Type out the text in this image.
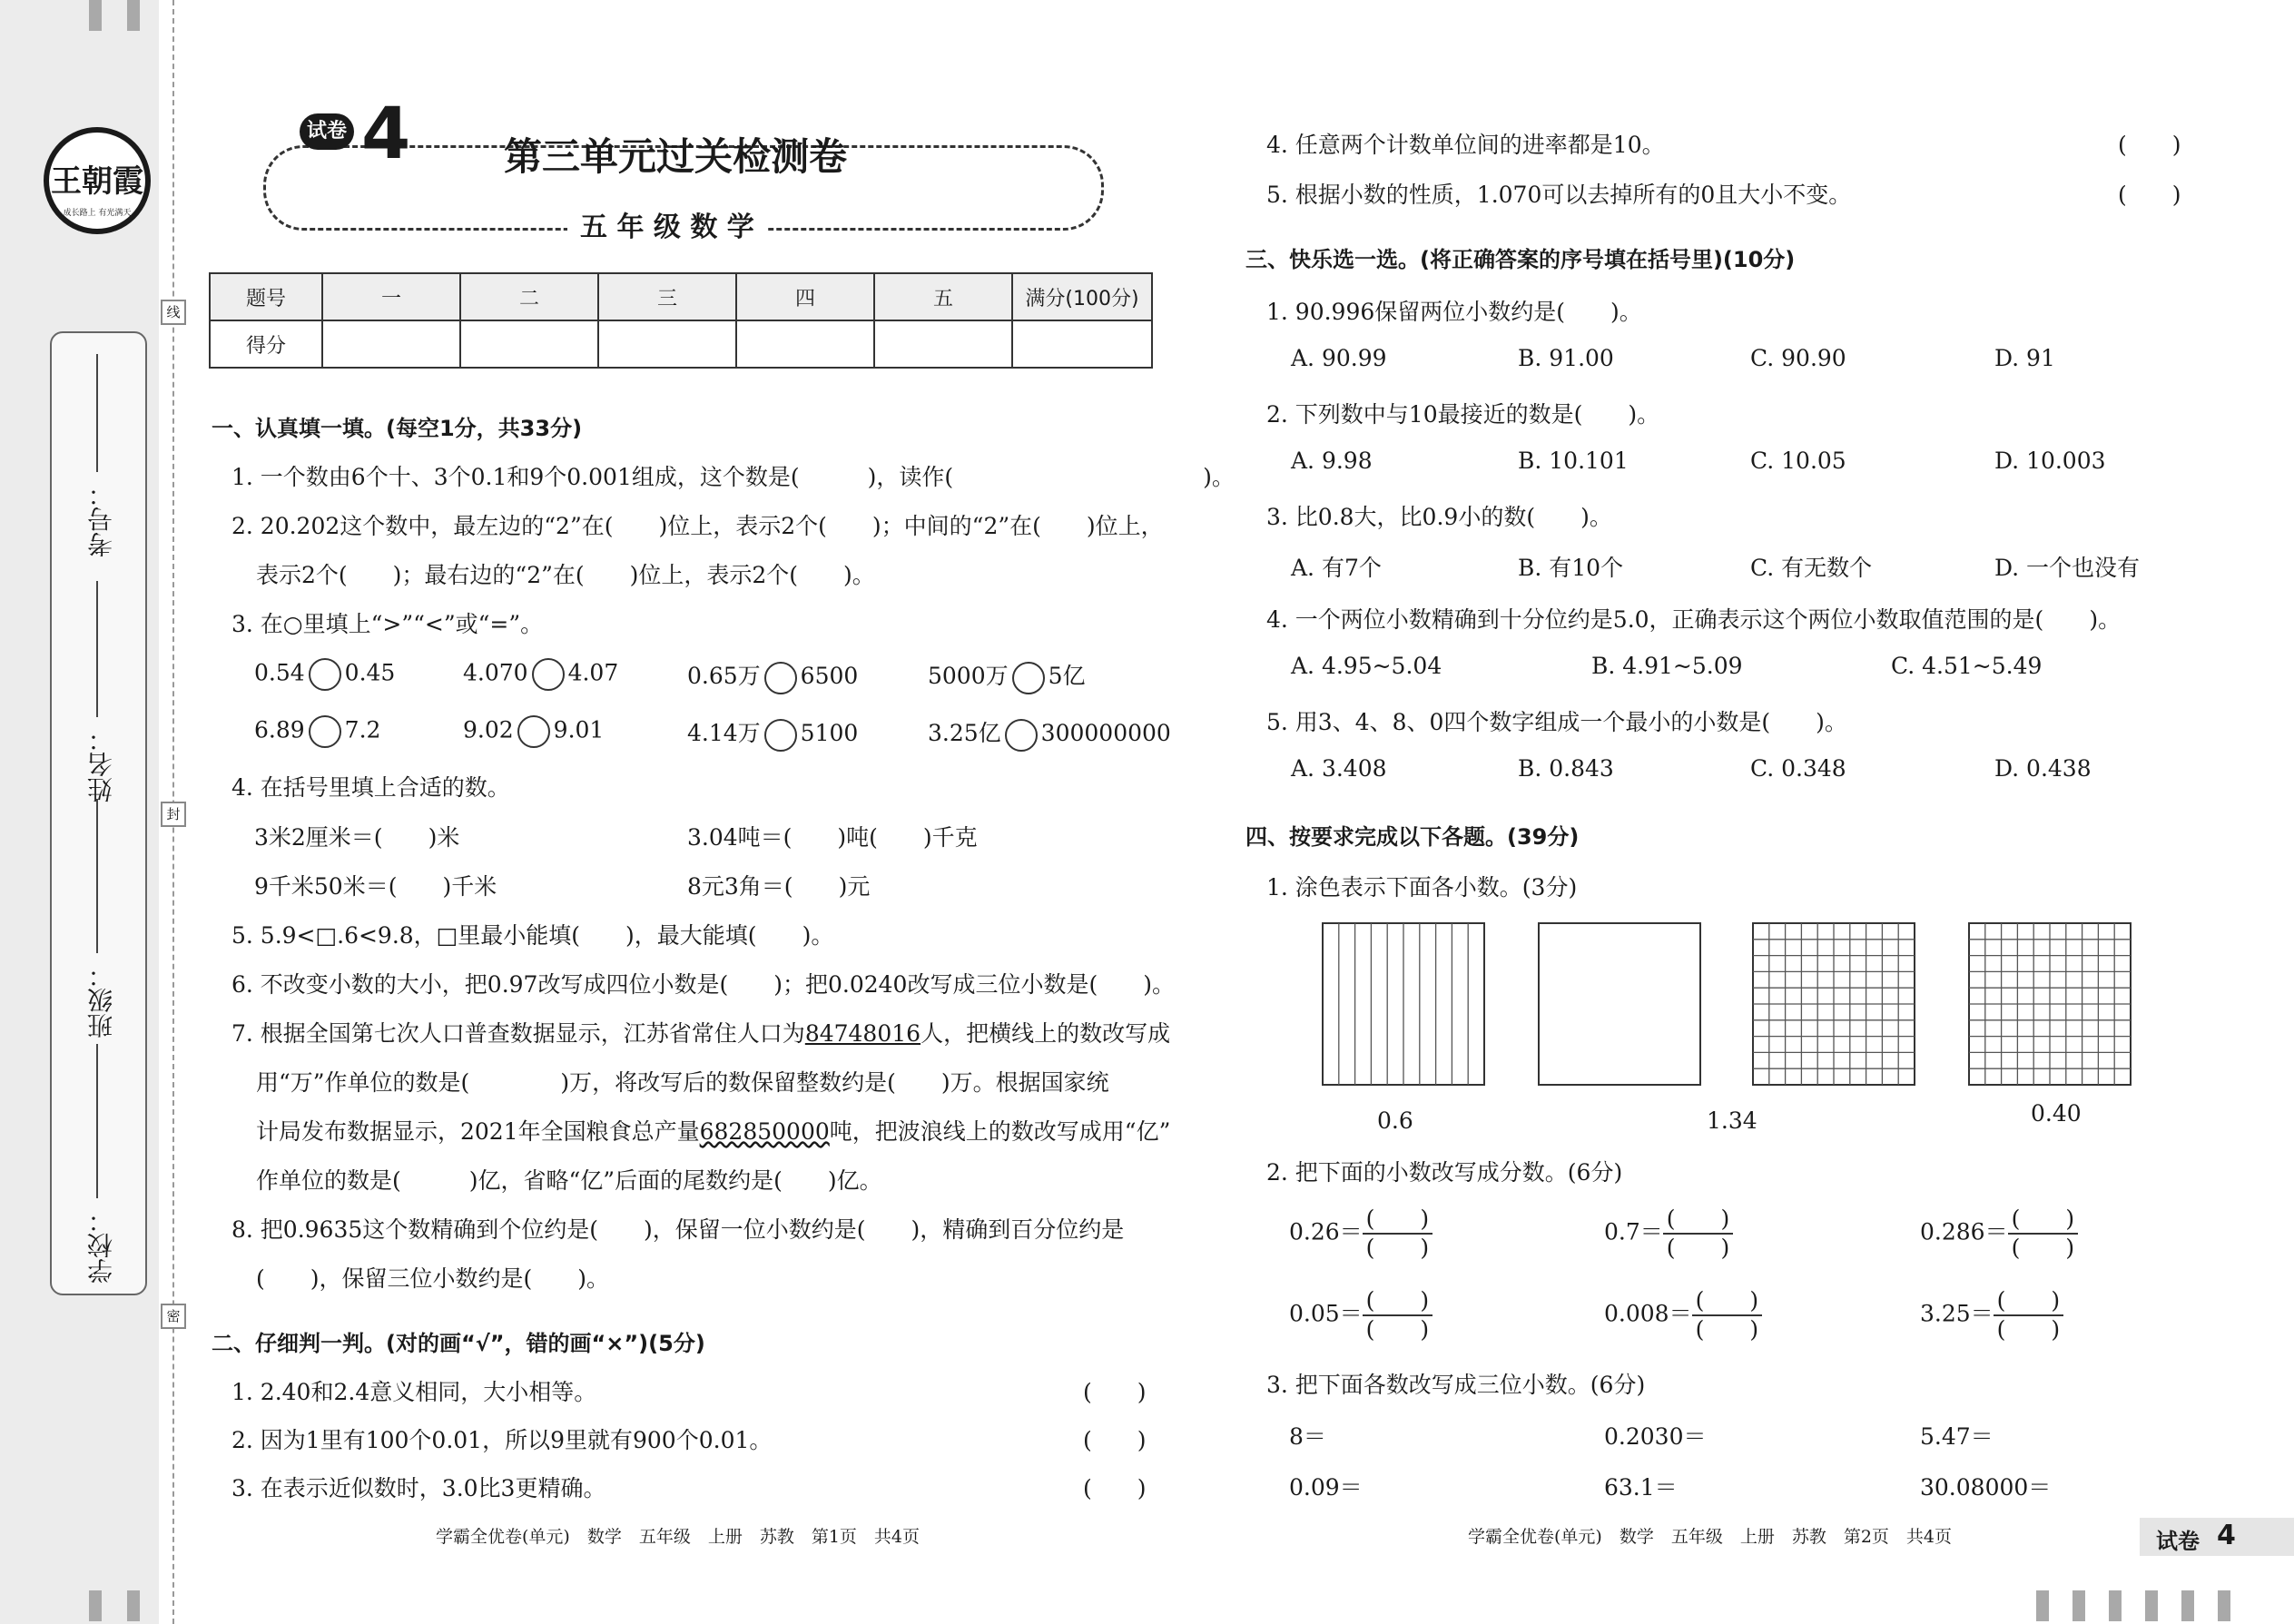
王朝霞
成长路上 有光满天
考号：
姓名：
班级：
学校：
线
封
密
试卷 4 第三单元过关检测卷
五 年 级 数 学
题号	一	二	三	四	五	满分(100分)
得分						
一、认真填一填。(每空1分，共33分)
1. 一个数由6个十、3个0.1和9个0.001组成，这个数是(　　　)，读作(　　　　　　　　　　　)。
2. 20.202这个数中，最左边的“2”在(　　)位上，表示2个(　　)；中间的“2”在(　　)位上，
表示2个(　　)；最右边的“2”在(　　)位上，表示2个(　　)。
3. 在○里填上“>”“<”或“=”。
0.54 0.45	4.070 4.07	0.65万 6500	5000万 5亿
6.89 7.2	9.02 9.01	4.14万 5100	3.25亿 300000000
4. 在括号里填上合适的数。
3米2厘米＝(　　)米	3.04吨＝(　　)吨(　　)千克
9千米50米＝(　　)千米	8元3角＝(　　)元
5. 5.9<□.6<9.8，□里最小能填(　　)，最大能填(　　)。
6. 不改变小数的大小，把0.97改写成四位小数是(　　)；把0.0240改写成三位小数是(　　)。
7. 根据全国第七次人口普查数据显示，江苏省常住人口为84748016人，把横线上的数改写成
用“万”作单位的数是(　　　　)万，将改写后的数保留整数约是(　　)万。根据国家统
计局发布数据显示，2021年全国粮食总产量682850000吨，把波浪线上的数改写成用“亿”
作单位的数是(　　　)亿，省略“亿”后面的尾数约是(　　)亿。
8. 把0.9635这个数精确到个位约是(　　)，保留一位小数约是(　　)，精确到百分位约是
(　　)，保留三位小数约是(　　)。
二、仔细判一判。(对的画“√”，错的画“×”)(5分)
1. 2.40和2.4意义相同，大小相等。	(　　)
2. 因为1里有100个0.01，所以9里就有900个0.01。	(　　)
3. 在表示近似数时，3.0比3更精确。	(　　)
学霸全优卷(单元)　数学　五年级　上册　苏教　第1页　共4页
4. 任意两个计数单位间的进率都是10。	(　　)
5. 根据小数的性质，1.070可以去掉所有的0且大小不变。	(　　)
三、快乐选一选。(将正确答案的序号填在括号里)(10分)
1. 90.996保留两位小数约是(　　)。
A. 90.99	B. 91.00	C. 90.90	D. 91
2. 下列数中与10最接近的数是(　　)。
A. 9.98	B. 10.101	C. 10.05	D. 10.003
3. 比0.8大，比0.9小的数(　　)。
A. 有7个	B. 有10个	C. 有无数个	D. 一个也没有
4. 一个两位小数精确到十分位约是5.0，正确表示这个两位小数取值范围的是(　　)。
A. 4.95~5.04	B. 4.91~5.09	C. 4.51~5.49
5. 用3、4、8、0四个数字组成一个最小的小数是(　　)。
A. 3.408	B. 0.843	C. 0.348	D. 0.438
四、按要求完成以下各题。(39分)
1. 涂色表示下面各小数。(3分)
0.6	1.34	0.40
2. 把下面的小数改写成分数。(6分)
$0.26= \frac{( )}{( )}$	$0.7= \frac{( )}{( )}$	$0.286= \frac{( )}{( )}$
$0.05= \frac{( )}{( )}$	$0.008= \frac{( )}{( )}$	$3.25= \frac{( )}{( )}$
3. 把下面各数改写成三位小数。(6分)
8＝	0.2030＝	5.47＝
0.09＝	63.1＝	30.08000＝
学霸全优卷(单元)　数学　五年级　上册　苏教　第2页　共4页	试卷 4
